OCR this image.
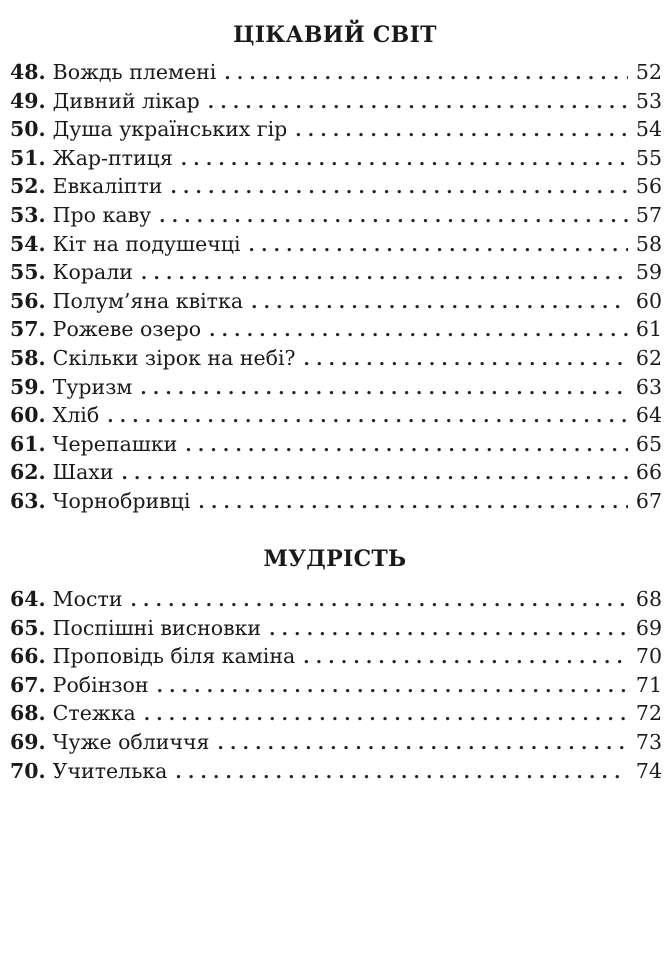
ЦІКАВИЙ СВІТ
48. Вождь племені . . .	52
49. Дивний лікар . . .	53
50. Душа українських гір . . .	54
51. Жар-птиця . . .	55
52. Евкаліпти . . .	56
53. Про каву . . .	57
54. Кіт на подушечці . . .	58
55. Корали . . .	59
56. Полум’яна квітка . . .	60
57. Рожеве озеро . . .	61
58. Скільки зірок на небі? . . .	62
59. Туризм . . .	63
60. Хліб . . .	64
61. Черепашки . . .	65
62. Шахи . . .	66
63. Чорнобривці . . .	67
МУДРІСТЬ
64. Мости . . .	68
65. Поспішні висновки . . .	69
66. Проповідь біля каміна . . .	70
67. Робінзон . . .	71
68. Стежка . . .	72
69. Чуже обличчя . . .	73
70. Учителька . . .	74
